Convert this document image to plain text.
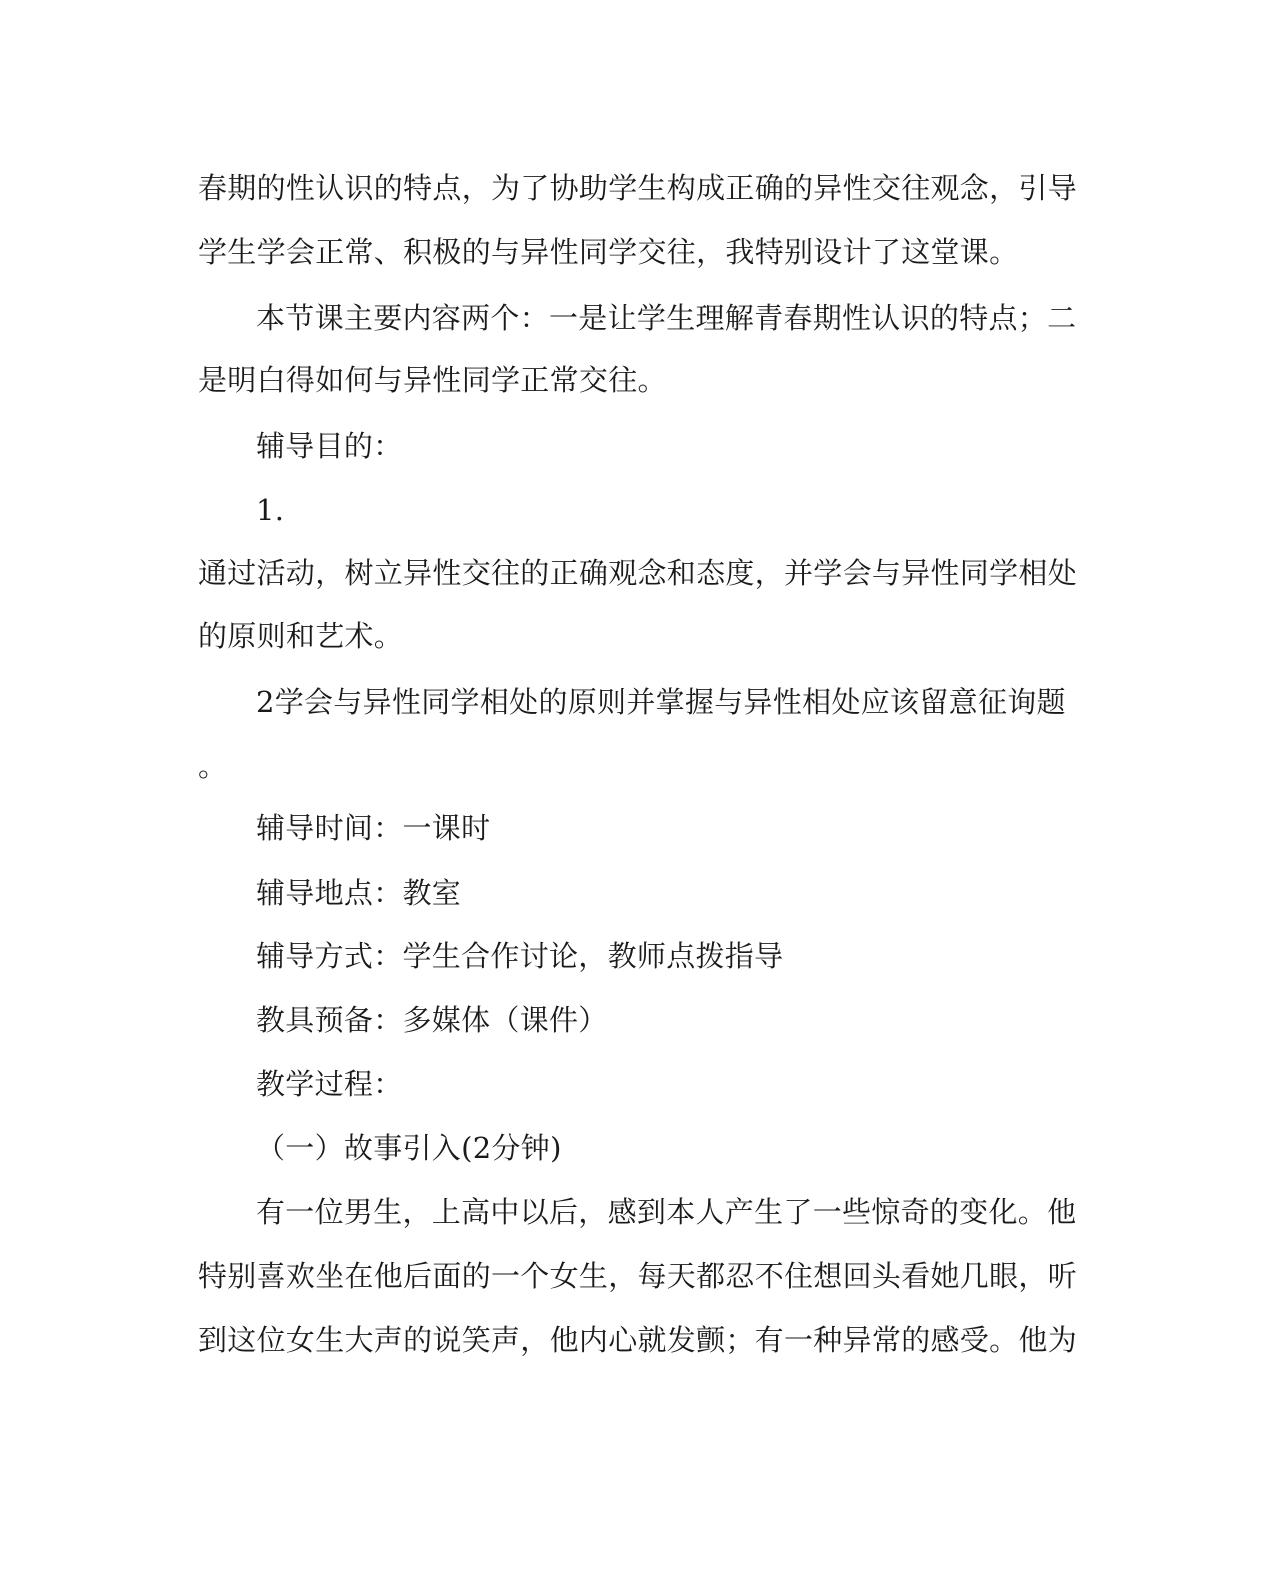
春期的性认识的特点，为了协助学生构成正确的异性交往观念，引导
学生学会正常、积极的与异性同学交往，我特别设计了这堂课。
本节课主要内容两个：一是让学生理解青春期性认识的特点；二
是明白得如何与异性同学正常交往。
辅导目的：
1.
通过活动，树立异性交往的正确观念和态度，并学会与异性同学相处
的原则和艺术。
2学会与异性同学相处的原则并掌握与异性相处应该留意征询题
。
辅导时间：一课时
辅导地点：教室
辅导方式：学生合作讨论，教师点拨指导
教具预备：多媒体（课件）
教学过程：
（一）故事引入(2分钟)
有一位男生，上高中以后，感到本人产生了一些惊奇的变化。他
特别喜欢坐在他后面的一个女生，每天都忍不住想回头看她几眼，听
到这位女生大声的说笑声，他内心就发颤；有一种异常的感受。他为
